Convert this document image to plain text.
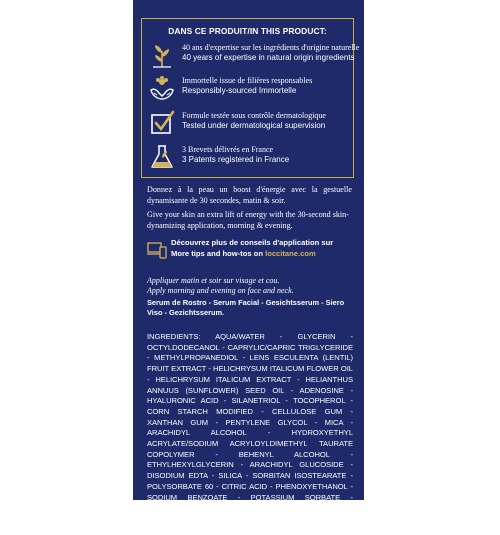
DANS CE PRODUIT/IN THIS PRODUCT:
40 ans d'expertise sur les ingrédients d'origine naturelle
40 years of expertise in natural origin ingredients
Immortelle issue de filières responsables
Responsibly-sourced Immortelle
Formule testée sous contrôle dermatologique
Tested under dermatological supervision
3 Brevets délivrés en France
3 Patents registered in France
Donnez à la peau un boost d'énergie avec la gestuelle dynamisante de 30 secondes, matin & soir.
Give your skin an extra lift of energy with the 30-second skin-dynamizing application, morning & evening.
Découvrez plus de conseils d'application sur
More tips and how-tos on loccitane.com
Appliquer matin et soir sur visage et cou.
Apply morning and evening on face and neck.
Serum de Rostro - Serum Facial - Gesichtsserum - Siero Viso - Gezichtsserum.
INGREDIENTS: AQUA/WATER - GLYCERIN - OCTYLDODECANOL - CAPRYLIC/CAPRIC TRIGLYCERIDE - METHYLPROPANEDIOL - LENS ESCULENTA (LENTIL) FRUIT EXTRACT - HELICHRYSUM ITALICUM FLOWER OIL - HELICHRYSUM ITALICUM EXTRACT - HELIANTHUS ANNUUS (SUNFLOWER) SEED OIL - ADENOSINE - HYALURONIC ACID - SILANETRIOL - TOCOPHEROL - CORN STARCH MODIFIED - CELLULOSE GUM - XANTHAN GUM - PENTYLENE GLYCOL - MICA - ARACHIDYL ALCOHOL - HYDROXYETHYL ACRYLATE/SODIUM ACRYLOYLDIMETHYL TAURATE COPOLYMER - BEHENYL ALCOHOL - ETHYLHEXYLGLYCERIN - ARACHIDYL GLUCOSIDE - DISODIUM EDTA - SILICA - SORBITAN ISOSTEARATE - POLYSORBATE 60 - CITRIC ACID - PHENOXYETHANOL - SODIUM BENZOATE - POTASSIUM SORBATE - PARFUM/FRAGRANCE - HEXYL CINNAMAL - BENZYL SALICYLATE - ALPHA-ISOMETHYL IONONE - LINALOOL - CITRAL - LIMONENE - CI 77891/TITANIUM DIOXIDE.
